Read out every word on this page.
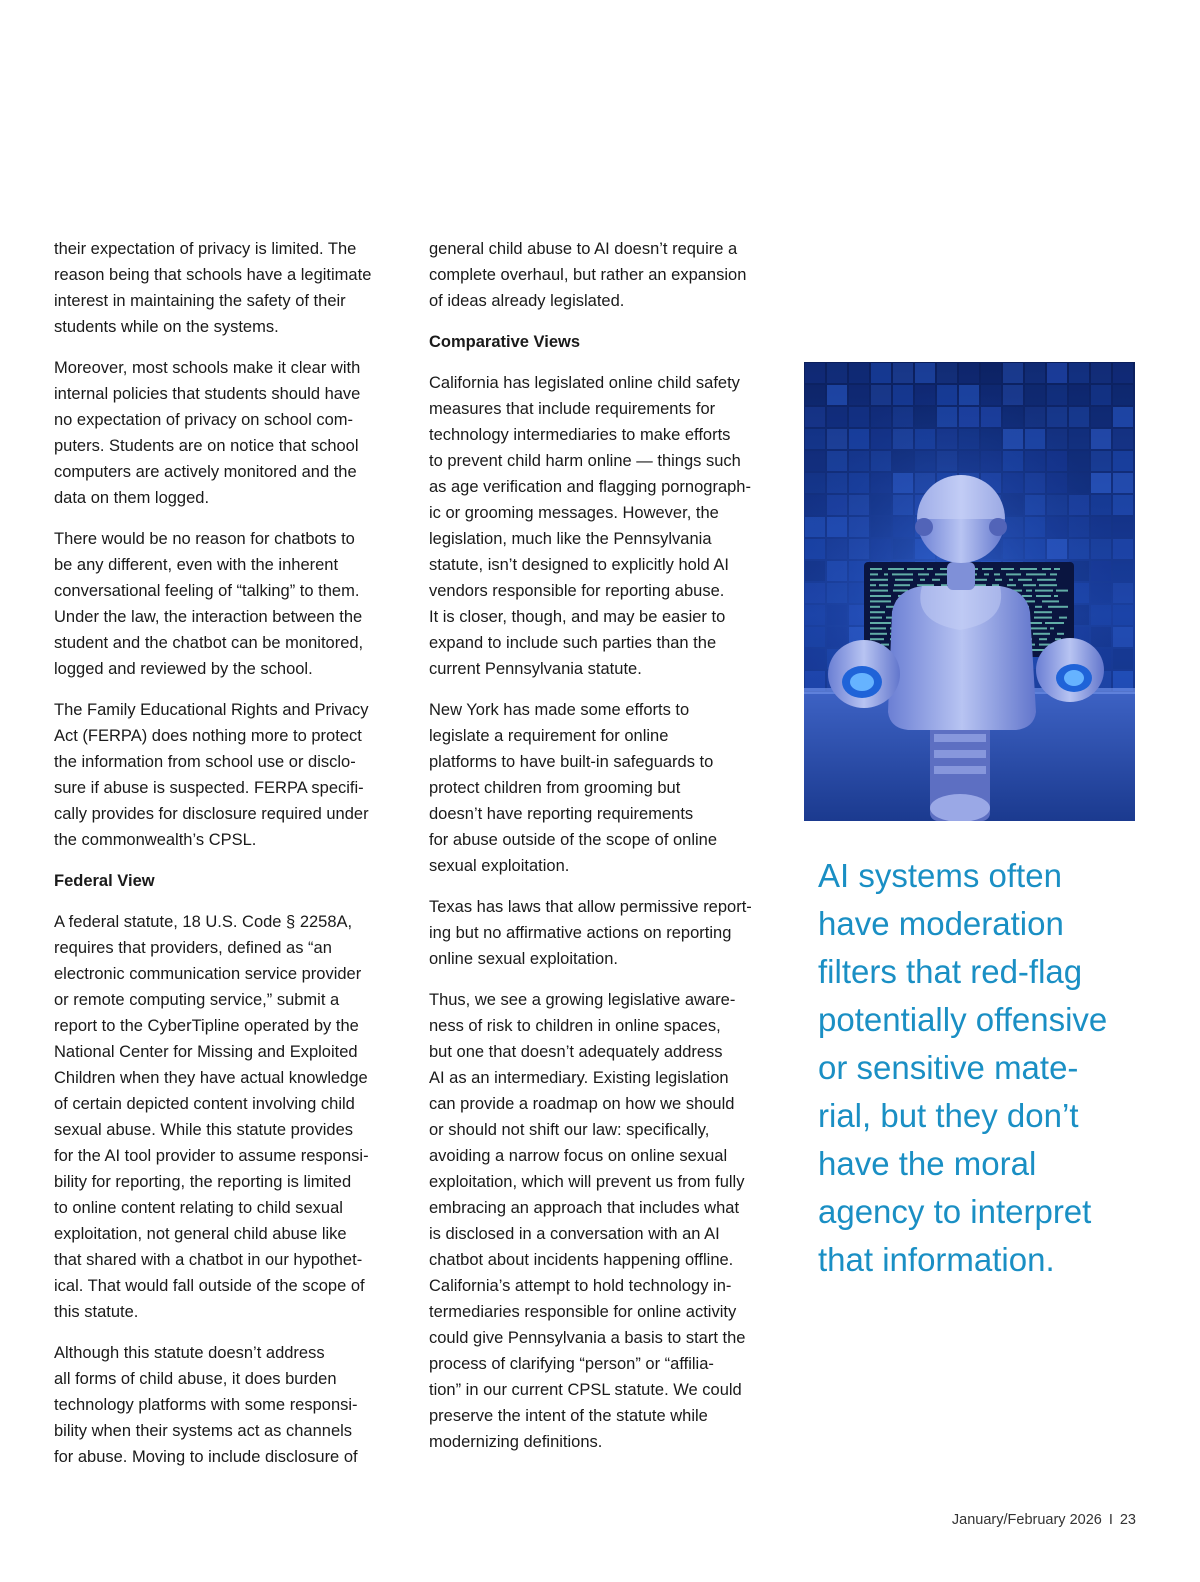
their expectation of privacy is limited. The
reason being that schools have a legitimate
interest in maintaining the safety of their
students while on the systems.
Moreover, most schools make it clear with
internal policies that students should have
no expectation of privacy on school com-
puters. Students are on notice that school
computers are actively monitored and the
data on them logged.
There would be no reason for chatbots to
be any different, even with the inherent
conversational feeling of “talking” to them.
Under the law, the interaction between the
student and the chatbot can be monitored,
logged and reviewed by the school.
The Family Educational Rights and Privacy
Act (FERPA) does nothing more to protect
the information from school use or disclo-
sure if abuse is suspected. FERPA specifi-
cally provides for disclosure required under
the commonwealth’s CPSL.
Federal View
A federal statute, 18 U.S. Code § 2258A,
requires that providers, defined as “an
electronic communication service provider
or remote computing service,” submit a
report to the CyberTipline operated by the
National Center for Missing and Exploited
Children when they have actual knowledge
of certain depicted content involving child
sexual abuse. While this statute provides
for the AI tool provider to assume responsi-
bility for reporting, the reporting is limited
to online content relating to child sexual
exploitation, not general child abuse like
that shared with a chatbot in our hypothet-
ical. That would fall outside of the scope of
this statute.
Although this statute doesn’t address
all forms of child abuse, it does burden
technology platforms with some responsi-
bility when their systems act as channels
for abuse. Moving to include disclosure of
general child abuse to AI doesn’t require a
complete overhaul, but rather an expansion
of ideas already legislated.
Comparative Views
California has legislated online child safety
measures that include requirements for
technology intermediaries to make efforts
to prevent child harm online — things such
as age verification and flagging pornograph-
ic or grooming messages. However, the
legislation, much like the Pennsylvania
statute, isn’t designed to explicitly hold AI
vendors responsible for reporting abuse.
It is closer, though, and may be easier to
expand to include such parties than the
current Pennsylvania statute.
New York has made some efforts to
legislate a requirement for online
platforms to have built-in safeguards to
protect children from grooming but
doesn’t have reporting requirements
for abuse outside of the scope of online
sexual exploitation.
Texas has laws that allow permissive report-
ing but no affirmative actions on reporting
online sexual exploitation.
Thus, we see a growing legislative aware-
ness of risk to children in online spaces,
but one that doesn’t adequately address
AI as an intermediary. Existing legislation
can provide a roadmap on how we should
or should not shift our law: specifically,
avoiding a narrow focus on online sexual
exploitation, which will prevent us from fully
embracing an approach that includes what
is disclosed in a conversation with an AI
chatbot about incidents happening offline.
California’s attempt to hold technology in-
termediaries responsible for online activity
could give Pennsylvania a basis to start the
process of clarifying “person” or “affilia-
tion” in our current CPSL statute. We could
preserve the intent of the statute while
modernizing definitions.
AI systems often
have moderation
filters that red-flag
potentially offensive
or sensitive mate-
rial, but they don’t
have the moral
agency to interpret
that information.
January/February 2026 I 23
